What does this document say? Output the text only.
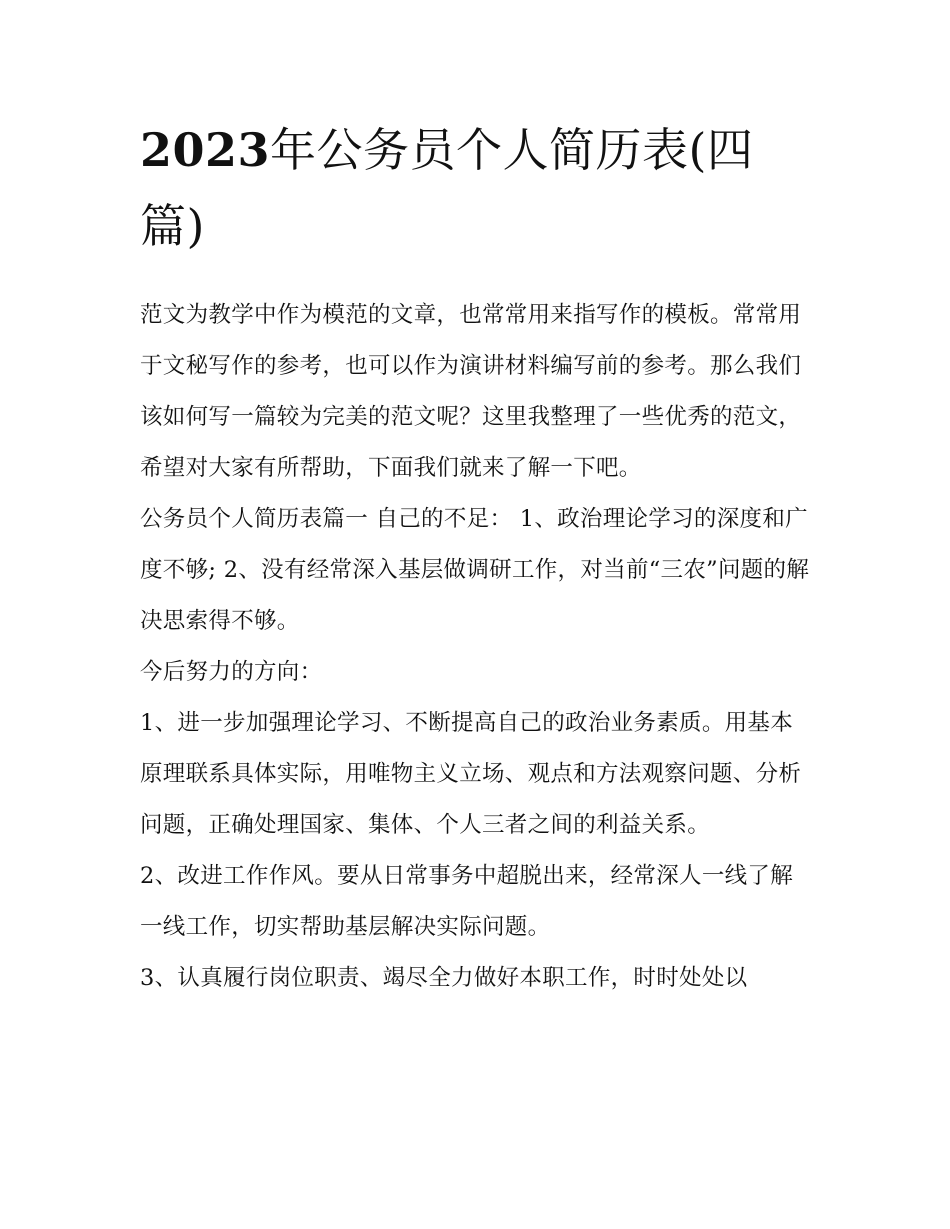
2023年公务员个人简历表(四篇)

范文为教学中作为模范的文章，也常常用来指写作的模板。常常用于文秘写作的参考，也可以作为演讲材料编写前的参考。那么我们该如何写一篇较为完美的范文呢？这里我整理了一些优秀的范文，希望对大家有所帮助，下面我们就来了解一下吧。

公务员个人简历表篇一 自己的不足： 1、政治理论学习的深度和广度不够; 2、没有经常深入基层做调研工作，对当前“三农”问题的解决思索得不够。

今后努力的方向：

1、进一步加强理论学习、不断提高自己的政治业务素质。用基本原理联系具体实际，用唯物主义立场、观点和方法观察问题、分析问题，正确处理国家、集体、个人三者之间的利益关系。

2、改进工作作风。要从日常事务中超脱出来，经常深人一线了解一线工作，切实帮助基层解决实际问题。

3、认真履行岗位职责、竭尽全力做好本职工作，时时处处以
